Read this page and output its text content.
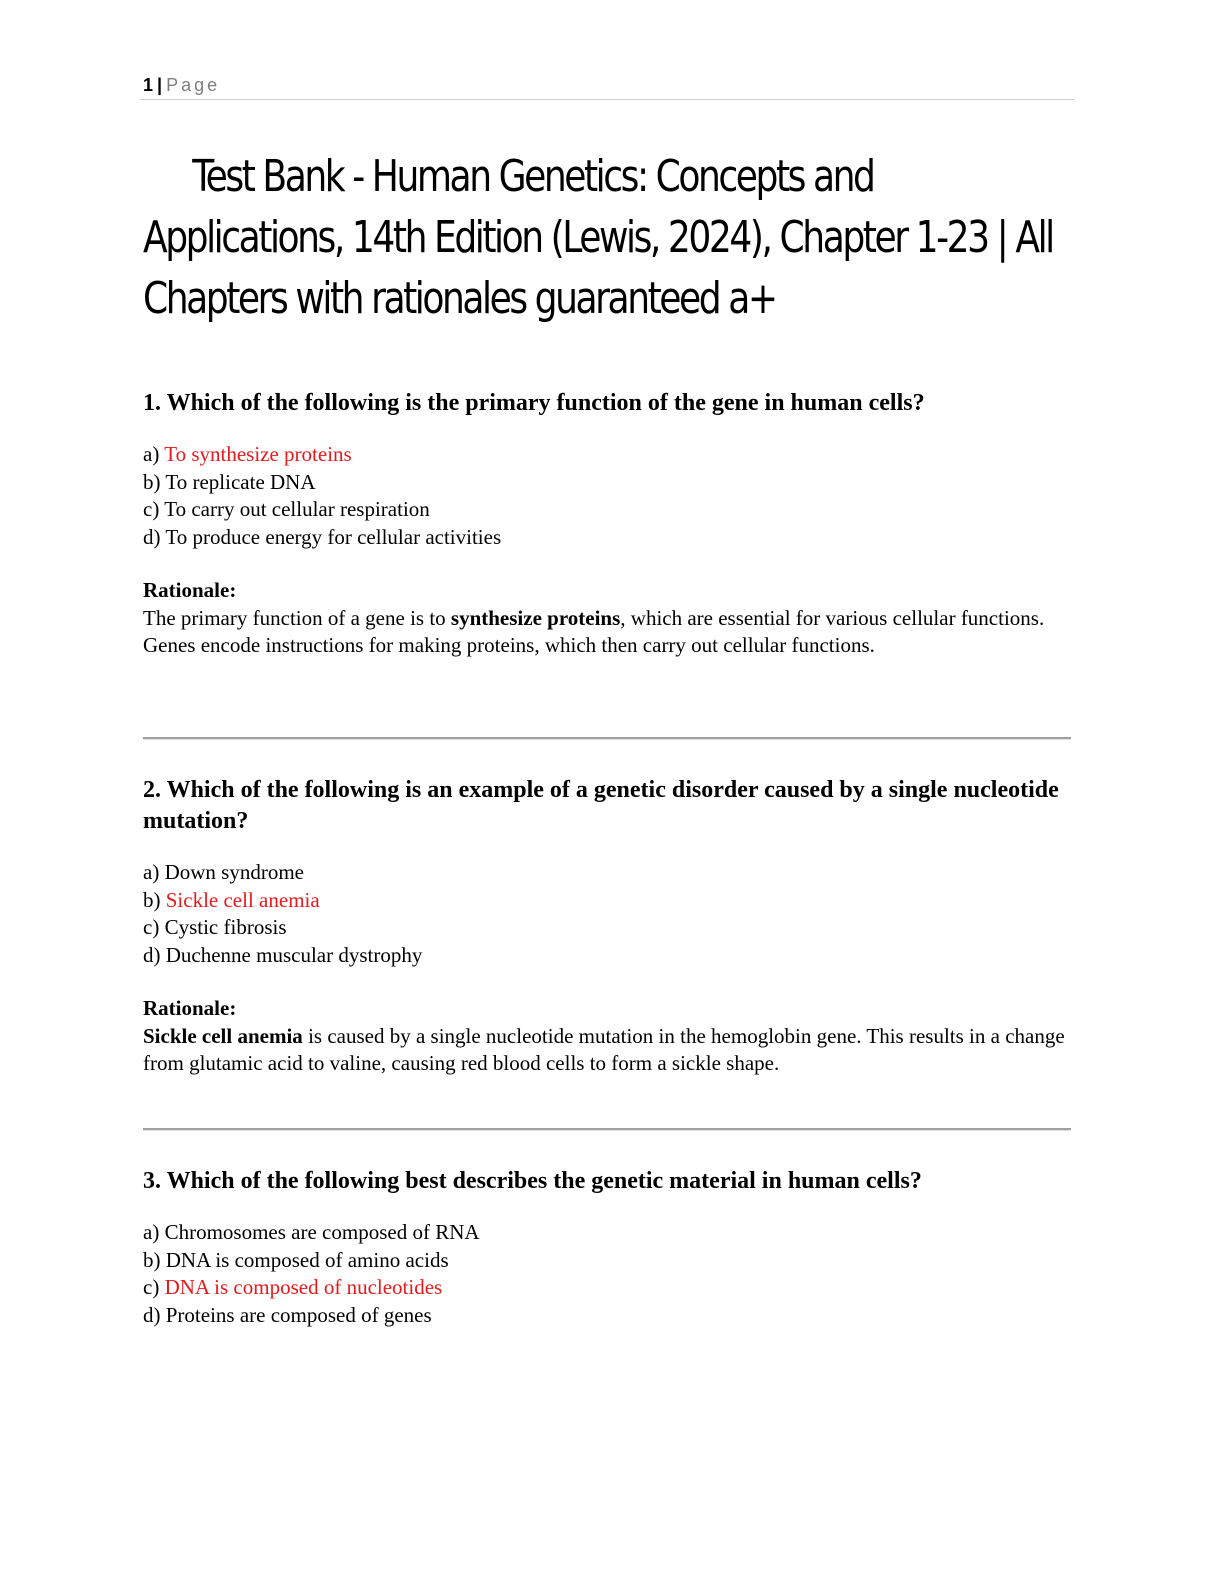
1 | Page
Test Bank - Human Genetics: Concepts and Applications, 14th Edition (Lewis, 2024), Chapter 1-23 | All Chapters with rationales guaranteed a+

1. Which of the following is the primary function of the gene in human cells?

a) To synthesize proteins
b) To replicate DNA
c) To carry out cellular respiration
d) To produce energy for cellular activities

Rationale:

The primary function of a gene is to synthesize proteins, which are essential for various cellular functions. Genes encode instructions for making proteins, which then carry out cellular functions.

2. Which of the following is an example of a genetic disorder caused by a single nucleotide mutation?

a) Down syndrome
b) Sickle cell anemia
c) Cystic fibrosis
d) Duchenne muscular dystrophy

Rationale:

Sickle cell anemia is caused by a single nucleotide mutation in the hemoglobin gene. This results in a change from glutamic acid to valine, causing red blood cells to form a sickle shape.

3. Which of the following best describes the genetic material in human cells?

a) Chromosomes are composed of RNA
b) DNA is composed of amino acids
c) DNA is composed of nucleotides
d) Proteins are composed of genes
